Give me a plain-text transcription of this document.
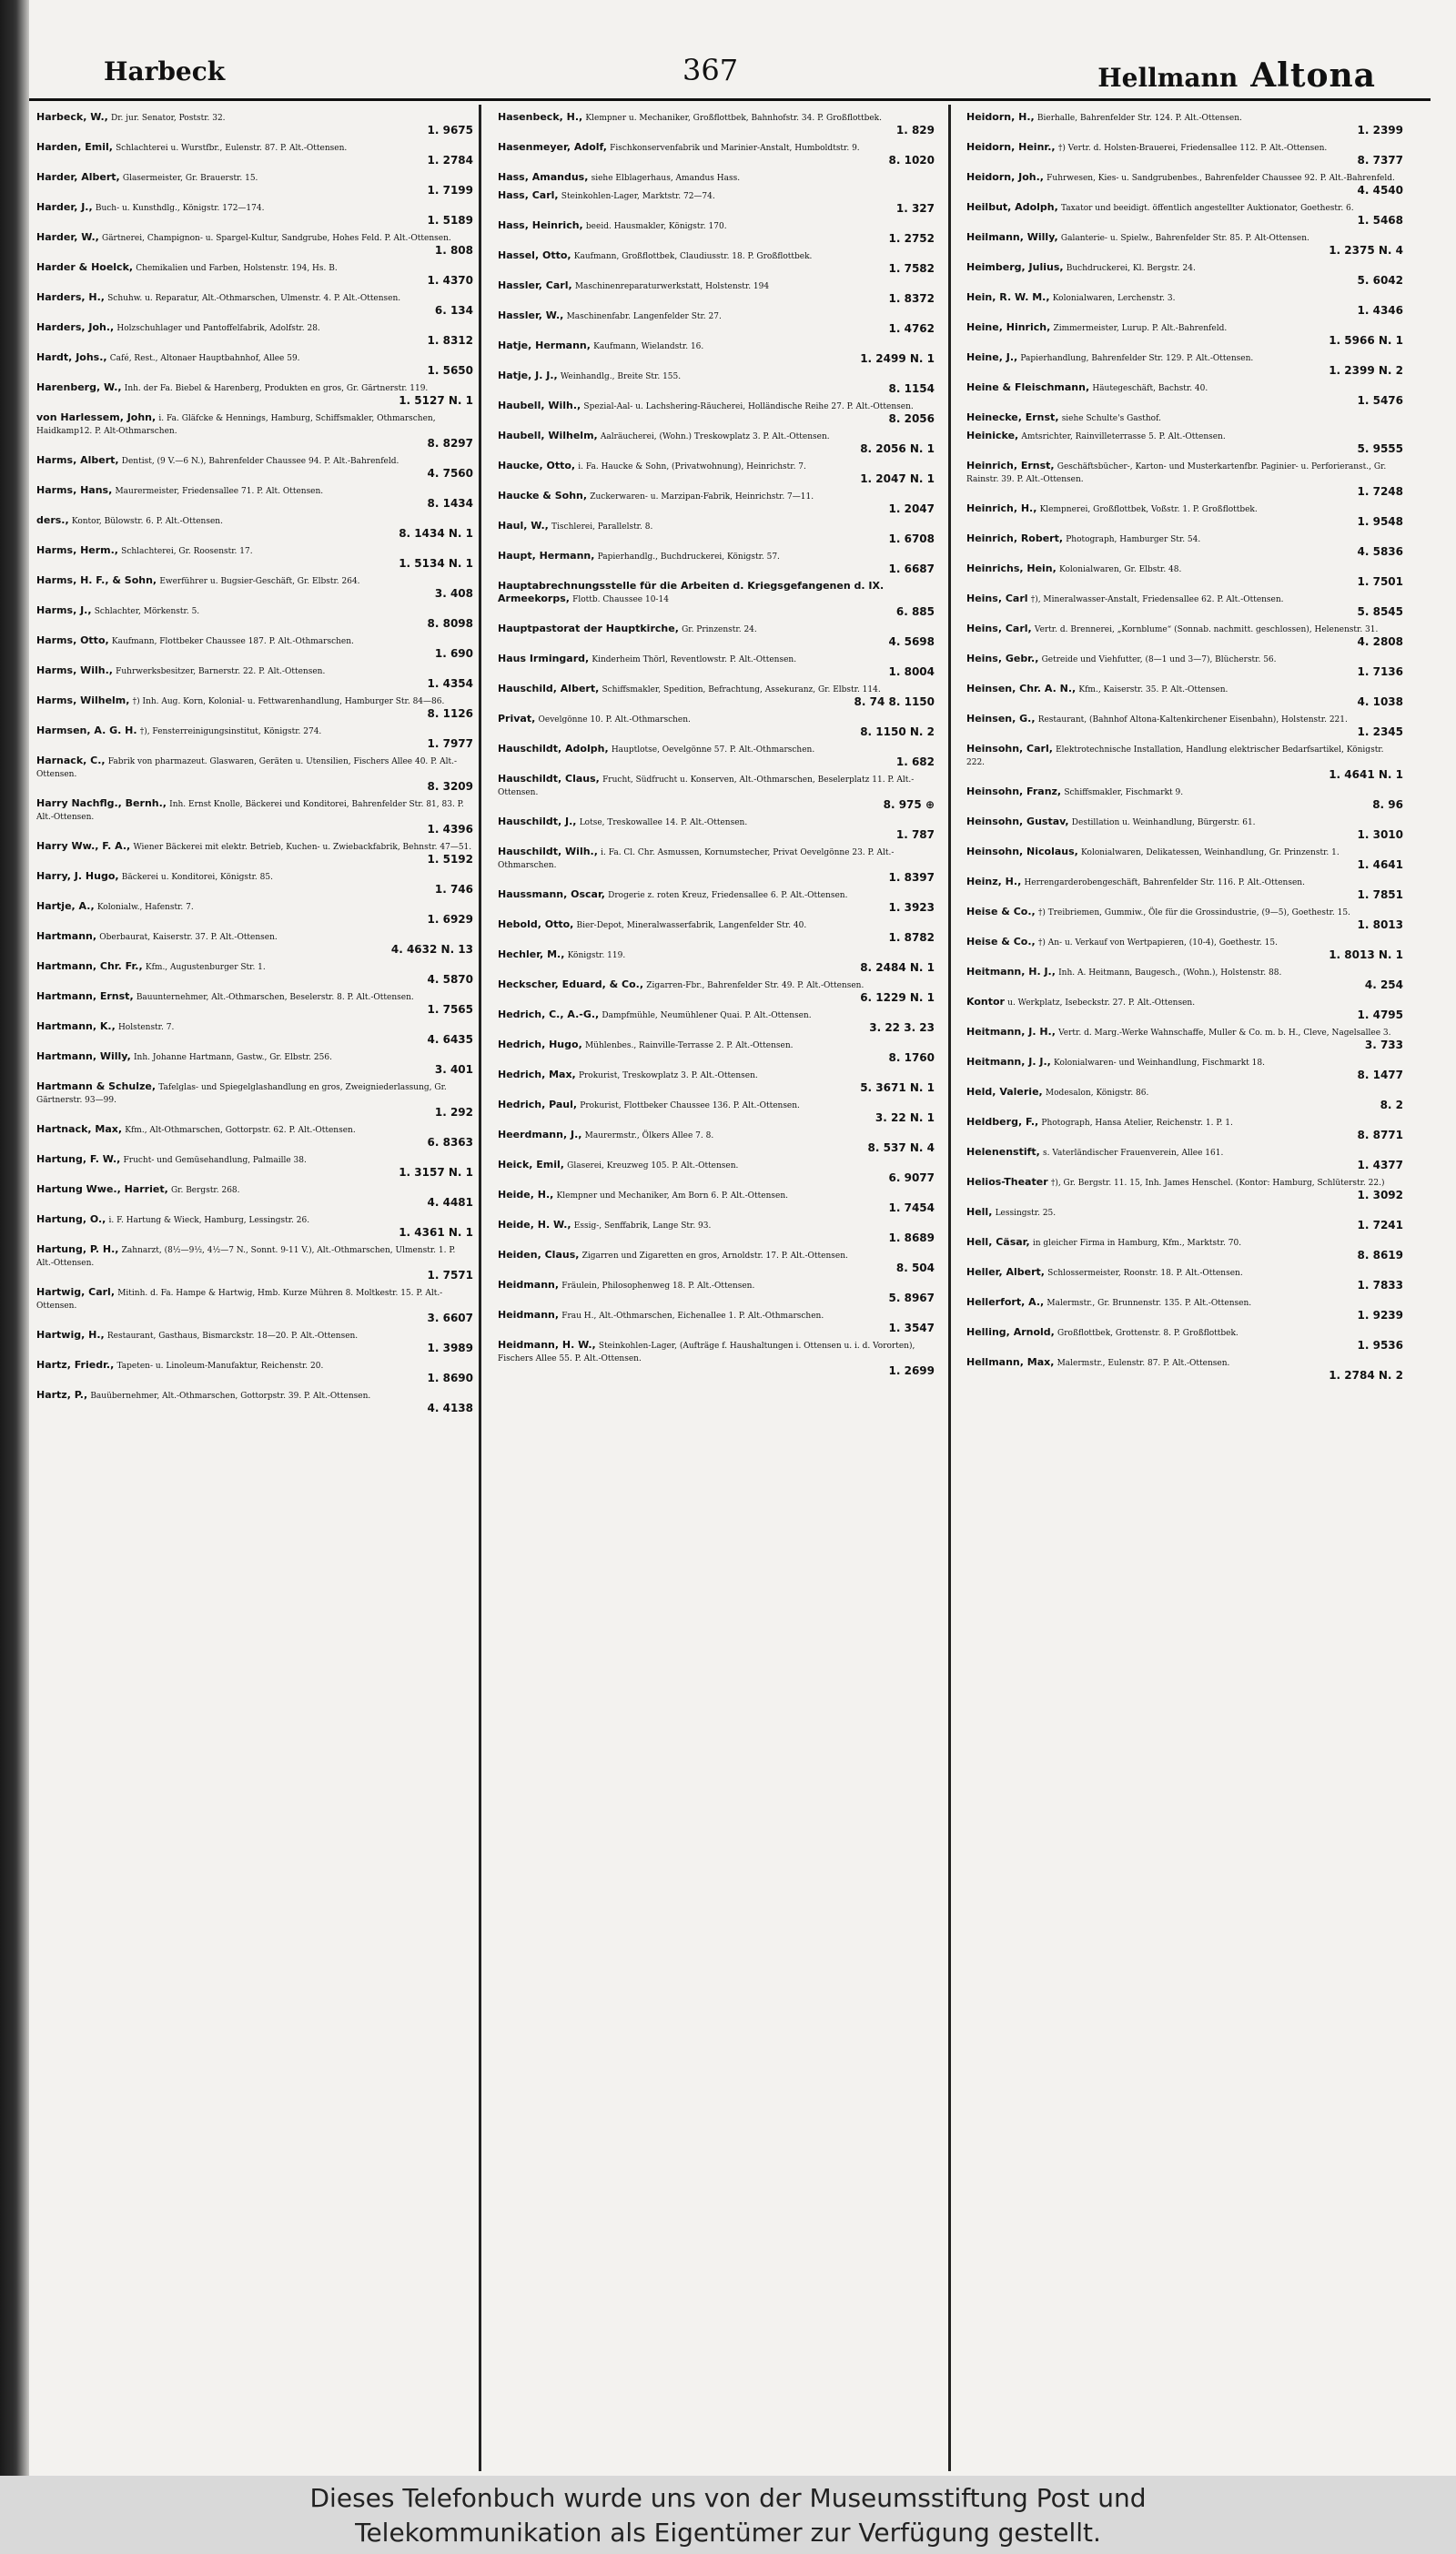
Harbeck	367	Hellmann Altona
Harbeck, W., Dr. jur. Senator, Poststr. 32.
1. 9675
Harden, Emil, Schlachterei u. Wurstfbr., Eulenstr. 87. P. Alt.-Ottensen.
1. 2784
Harder, Albert, Glasermeister, Gr. Brauerstr. 15.
1. 7199
Harder, J., Buch- u. Kunsthdlg., Königstr. 172—174.
1. 5189
Harder, W., Gärtnerei, Champignon- u. Spargel-Kultur, Sandgrube, Hohes Feld. P. Alt.-Ottensen.
1. 808
Harder & Hoelck, Chemikalien und Farben, Holstenstr. 194, Hs. B.
1. 4370
Harders, H., Schuhw. u. Reparatur, Alt.-Othmarschen, Ulmenstr. 4. P. Alt.-Ottensen.
6. 134
Harders, Joh., Holzschuhlager und Pantoffelfabrik, Adolfstr. 28.
1. 8312
Hardt, Johs., Café, Rest., Altonaer Hauptbahnhof, Allee 59.
1. 5650
Harenberg, W., Inh. der Fa. Biebel & Harenberg, Produkten en gros, Gr. Gärtnerstr. 119.
1. 5127 N. 1
von Harlessem, John, i. Fa. Gläfcke & Hennings, Hamburg, Schiffsmakler, Othmarschen, Haidkamp12. P. Alt-Othmarschen.
8. 8297
Harms, Albert, Dentist, (9 V.—6 N.), Bahrenfelder Chaussee 94. P. Alt.-Bahrenfeld.
4. 7560
Harms, Hans, Maurermeister, Friedensallee 71. P. Alt. Ottensen.
8. 1434
ders., Kontor, Bülowstr. 6. P. Alt.-Ottensen.
8. 1434 N. 1
Harms, Herm., Schlachterei, Gr. Roosenstr. 17.
1. 5134 N. 1
Harms, H. F., & Sohn, Ewerführer u. Bugsier-Geschäft, Gr. Elbstr. 264.
3. 408
Harms, J., Schlachter, Mörkenstr. 5.
8. 8098
Harms, Otto, Kaufmann, Flottbeker Chaussee 187. P. Alt.-Othmarschen.
1. 690
Harms, Wilh., Fuhrwerksbesitzer, Barnerstr. 22. P. Alt.-Ottensen.
1. 4354
Harms, Wilhelm, †) Inh. Aug. Korn, Kolonial- u. Fettwarenhandlung, Hamburger Str. 84—86.
8. 1126
Harmsen, A. G. H. †), Fensterreinigungsinstitut, Königstr. 274.
1. 7977
Harnack, C., Fabrik von pharmazeut. Glaswaren, Geräten u. Utensilien, Fischers Allee 40. P. Alt.-Ottensen.
8. 3209
Harry Nachflg., Bernh., Inh. Ernst Knolle, Bäckerei und Konditorei, Bahrenfelder Str. 81, 83. P. Alt.-Ottensen.
1. 4396
Harry Ww., F. A., Wiener Bäckerei mit elektr. Betrieb, Kuchen- u. Zwiebackfabrik, Behnstr. 47—51.
1. 5192
Harry, J. Hugo, Bäckerei u. Konditorei, Königstr. 85.
1. 746
Hartje, A., Kolonialw., Hafenstr. 7.
1. 6929
Hartmann, Oberbaurat, Kaiserstr. 37. P. Alt.-Ottensen.
4. 4632 N. 13
Hartmann, Chr. Fr., Kfm., Augustenburger Str. 1.
4. 5870
Hartmann, Ernst, Bauunternehmer, Alt.-Othmarschen, Beselerstr. 8. P. Alt.-Ottensen.
1. 7565
Hartmann, K., Holstenstr. 7.
4. 6435
Hartmann, Willy, Inh. Johanne Hartmann, Gastw., Gr. Elbstr. 256.
3. 401
Hartmann & Schulze, Tafelglas- und Spiegelglashandlung en gros, Zweigniederlassung, Gr. Gärtnerstr. 93—99.
1. 292
Hartnack, Max, Kfm., Alt-Othmarschen, Gottorpstr. 62. P. Alt.-Ottensen.
6. 8363
Hartung, F. W., Frucht- und Gemüsehandlung, Palmaille 38.
1. 3157 N. 1
Hartung Wwe., Harriet, Gr. Bergstr. 268.
4. 4481
Hartung, O., i. F. Hartung & Wieck, Hamburg, Lessingstr. 26.
1. 4361 N. 1
Hartung, P. H., Zahnarzt, (8½—9½, 4½—7 N., Sonnt. 9-11 V.), Alt.-Othmarschen, Ulmenstr. 1. P. Alt.-Ottensen.
1. 7571
Hartwig, Carl, Mitinh. d. Fa. Hampe & Hartwig, Hmb. Kurze Mühren 8. Moltkestr. 15. P. Alt.-Ottensen.
3. 6607
Hartwig, H., Restaurant, Gasthaus, Bismarckstr. 18—20. P. Alt.-Ottensen.
1. 3989
Hartz, Friedr., Tapeten- u. Linoleum-Manufaktur, Reichenstr. 20.
1. 8690
Hartz, P., Bauübernehmer, Alt.-Othmarschen, Gottorpstr. 39. P. Alt.-Ottensen.
4. 4138
Hasenbeck, H., Klempner u. Mechaniker, Großflottbek, Bahnhofstr. 34. P. Großflottbek.
1. 829
Hasenmeyer, Adolf, Fischkonservenfabrik und Marinier-Anstalt, Humboldtstr. 9.
8. 1020
Hass, Amandus, siehe Elblagerhaus, Amandus Hass.
Hass, Carl, Steinkohlen-Lager, Marktstr. 72—74.
1. 327
Hass, Heinrich, beeid. Hausmakler, Königstr. 170.
1. 2752
Hassel, Otto, Kaufmann, Großflottbek, Claudiusstr. 18. P. Großflottbek.
1. 7582
Hassler, Carl, Maschinenreparaturwerkstatt, Holstenstr. 194
1. 8372
Hassler, W., Maschinenfabr. Langenfelder Str. 27.
1. 4762
Hatje, Hermann, Kaufmann, Wielandstr. 16.
1. 2499 N. 1
Hatje, J. J., Weinhandlg., Breite Str. 155.
8. 1154
Haubell, Wilh., Spezial-Aal- u. Lachshering-Räucherei, Holländische Reihe 27. P. Alt.-Ottensen.
8. 2056
Haubell, Wilhelm, Aalräucherei, (Wohn.) Treskowplatz 3. P. Alt.-Ottensen.
8. 2056 N. 1
Haucke, Otto, i. Fa. Haucke & Sohn, (Privatwohnung), Heinrichstr. 7.
1. 2047 N. 1
Haucke & Sohn, Zuckerwaren- u. Marzipan-Fabrik, Heinrichstr. 7—11.
1. 2047
Haul, W., Tischlerei, Parallelstr. 8.
1. 6708
Haupt, Hermann, Papierhandlg., Buchdruckerei, Königstr. 57.
1. 6687
Hauptabrechnungsstelle für die Arbeiten d. Kriegsgefangenen d. IX. Armeekorps, Flottb. Chaussee 10-14
6. 885
Hauptpastorat der Hauptkirche, Gr. Prinzenstr. 24.
4. 5698
Haus Irmingard, Kinderheim Thörl, Reventlowstr. P. Alt.-Ottensen.
1. 8004
Hauschild, Albert, Schiffsmakler, Spedition, Befrachtung, Assekuranz, Gr. Elbstr. 114.
8. 74 8. 1150
Privat, Oevelgönne 10. P. Alt.-Othmarschen.
8. 1150 N. 2
Hauschildt, Adolph, Hauptlotse, Oevelgönne 57. P. Alt.-Othmarschen.
1. 682
Hauschildt, Claus, Frucht, Südfrucht u. Konserven, Alt.-Othmarschen, Beselerplatz 11. P. Alt.-Ottensen.
8. 975 ⊕
Hauschildt, J., Lotse, Treskowallee 14. P. Alt.-Ottensen.
1. 787
Hauschildt, Wilh., i. Fa. Cl. Chr. Asmussen, Kornumstecher, Privat Oevelgönne 23. P. Alt.-Othmarschen.
1. 8397
Haussmann, Oscar, Drogerie z. roten Kreuz, Friedensallee 6. P. Alt.-Ottensen.
1. 3923
Hebold, Otto, Bier-Depot, Mineralwasserfabrik, Langenfelder Str. 40.
1. 8782
Hechler, M., Königstr. 119.
8. 2484 N. 1
Heckscher, Eduard, & Co., Zigarren-Fbr., Bahrenfelder Str. 49. P. Alt.-Ottensen.
6. 1229 N. 1
Hedrich, C., A.-G., Dampfmühle, Neumühlener Quai. P. Alt.-Ottensen.
3. 22 3. 23
Hedrich, Hugo, Mühlenbes., Rainville-Terrasse 2. P. Alt.-Ottensen.
8. 1760
Hedrich, Max, Prokurist, Treskowplatz 3. P. Alt.-Ottensen.
5. 3671 N. 1
Hedrich, Paul, Prokurist, Flottbeker Chaussee 136. P. Alt.-Ottensen.
3. 22 N. 1
Heerdmann, J., Maurermstr., Ölkers Allee 7. 8.
8. 537 N. 4
Heick, Emil, Glaserei, Kreuzweg 105. P. Alt.-Ottensen.
6. 9077
Heide, H., Klempner und Mechaniker, Am Born 6. P. Alt.-Ottensen.
1. 7454
Heide, H. W., Essig-, Senffabrik, Lange Str. 93.
1. 8689
Heiden, Claus, Zigarren und Zigaretten en gros, Arnoldstr. 17. P. Alt.-Ottensen.
8. 504
Heidmann, Fräulein, Philosophenweg 18. P. Alt.-Ottensen.
5. 8967
Heidmann, Frau H., Alt.-Othmarschen, Eichenallee 1. P. Alt.-Othmarschen.
1. 3547
Heidmann, H. W., Steinkohlen-Lager, (Aufträge f. Haushaltungen i. Ottensen u. i. d. Vororten), Fischers Allee 55. P. Alt.-Ottensen.
1. 2699
Heidorn, H., Bierhalle, Bahrenfelder Str. 124. P. Alt.-Ottensen.
1. 2399
Heidorn, Heinr., †) Vertr. d. Holsten-Brauerei, Friedensallee 112. P. Alt.-Ottensen.
8. 7377
Heidorn, Joh., Fuhrwesen, Kies- u. Sandgrubenbes., Bahrenfelder Chaussee 92. P. Alt.-Bahrenfeld.
4. 4540
Heilbut, Adolph, Taxator und beeidigt. öffentlich angestellter Auktionator, Goethestr. 6.
1. 5468
Heilmann, Willy, Galanterie- u. Spielw., Bahrenfelder Str. 85. P. Alt-Ottensen.
1. 2375 N. 4
Heimberg, Julius, Buchdruckerei, Kl. Bergstr. 24.
5. 6042
Hein, R. W. M., Kolonialwaren, Lerchenstr. 3.
1. 4346
Heine, Hinrich, Zimmermeister, Lurup. P. Alt.-Bahrenfeld.
1. 5966 N. 1
Heine, J., Papierhandlung, Bahrenfelder Str. 129. P. Alt.-Ottensen.
1. 2399 N. 2
Heine & Fleischmann, Häutegeschäft, Bachstr. 40.
1. 5476
Heinecke, Ernst, siehe Schulte's Gasthof.
Heinicke, Amtsrichter, Rainvilleterrasse 5. P. Alt.-Ottensen.
5. 9555
Heinrich, Ernst, Geschäftsbücher-, Karton- und Musterkartenfbr. Paginier- u. Perforieranst., Gr. Rainstr. 39. P. Alt.-Ottensen.
1. 7248
Heinrich, H., Klempnerei, Großflottbek, Voßstr. 1. P. Großflottbek.
1. 9548
Heinrich, Robert, Photograph, Hamburger Str. 54.
4. 5836
Heinrichs, Hein, Kolonialwaren, Gr. Elbstr. 48.
1. 7501
Heins, Carl †), Mineralwasser-Anstalt, Friedensallee 62. P. Alt.-Ottensen.
5. 8545
Heins, Carl, Vertr. d. Brennerei, „Kornblume“ (Sonnab. nachmitt. geschlossen), Helenenstr. 31.
4. 2808
Heins, Gebr., Getreide und Viehfutter, (8—1 und 3—7), Blücherstr. 56.
1. 7136
Heinsen, Chr. A. N., Kfm., Kaiserstr. 35. P. Alt.-Ottensen.
4. 1038
Heinsen, G., Restaurant, (Bahnhof Altona-Kaltenkirchener Eisenbahn), Holstenstr. 221.
1. 2345
Heinsohn, Carl, Elektrotechnische Installation, Handlung elektrischer Bedarfsartikel, Königstr. 222.
1. 4641 N. 1
Heinsohn, Franz, Schiffsmakler, Fischmarkt 9.
8. 96
Heinsohn, Gustav, Destillation u. Weinhandlung, Bürgerstr. 61.
1. 3010
Heinsohn, Nicolaus, Kolonialwaren, Delikatessen, Weinhandlung, Gr. Prinzenstr. 1.
1. 4641
Heinz, H., Herrengarderobengeschäft, Bahrenfelder Str. 116. P. Alt.-Ottensen.
1. 7851
Heise & Co., †) Treibriemen, Gummiw., Öle für die Grossindustrie, (9—5), Goethestr. 15.
1. 8013
Heise & Co., †) An- u. Verkauf von Wertpapieren, (10-4), Goethestr. 15.
1. 8013 N. 1
Heitmann, H. J., Inh. A. Heitmann, Baugesch., (Wohn.), Holstenstr. 88.
4. 254
Kontor u. Werkplatz, Isebeckstr. 27. P. Alt.-Ottensen.
1. 4795
Heitmann, J. H., Vertr. d. Marg.-Werke Wahnschaffe, Muller & Co. m. b. H., Cleve, Nagelsallee 3.
3. 733
Heitmann, J. J., Kolonialwaren- und Weinhandlung, Fischmarkt 18.
8. 1477
Held, Valerie, Modesalon, Königstr. 86.
8. 2
Heldberg, F., Photograph, Hansa Atelier, Reichenstr. 1. P. 1.
8. 8771
Helenenstift, s. Vaterländischer Frauenverein, Allee 161.
1. 4377
Helios-Theater †), Gr. Bergstr. 11. 15, Inh. James Henschel. (Kontor: Hamburg, Schlüterstr. 22.)
1. 3092
Hell, Lessingstr. 25.
1. 7241
Hell, Cäsar, in gleicher Firma in Hamburg, Kfm., Marktstr. 70.
8. 8619
Heller, Albert, Schlossermeister, Roonstr. 18. P. Alt.-Ottensen.
1. 7833
Hellerfort, A., Malermstr., Gr. Brunnenstr. 135. P. Alt.-Ottensen.
1. 9239
Helling, Arnold, Großflottbek, Grottenstr. 8. P. Großflottbek.
1. 9536
Hellmann, Max, Malermstr., Eulenstr. 87. P. Alt.-Ottensen.
1. 2784 N. 2
Dieses Telefonbuch wurde uns von der Museumsstiftung Post und
Telekommunikation als Eigentümer zur Verfügung gestellt.
